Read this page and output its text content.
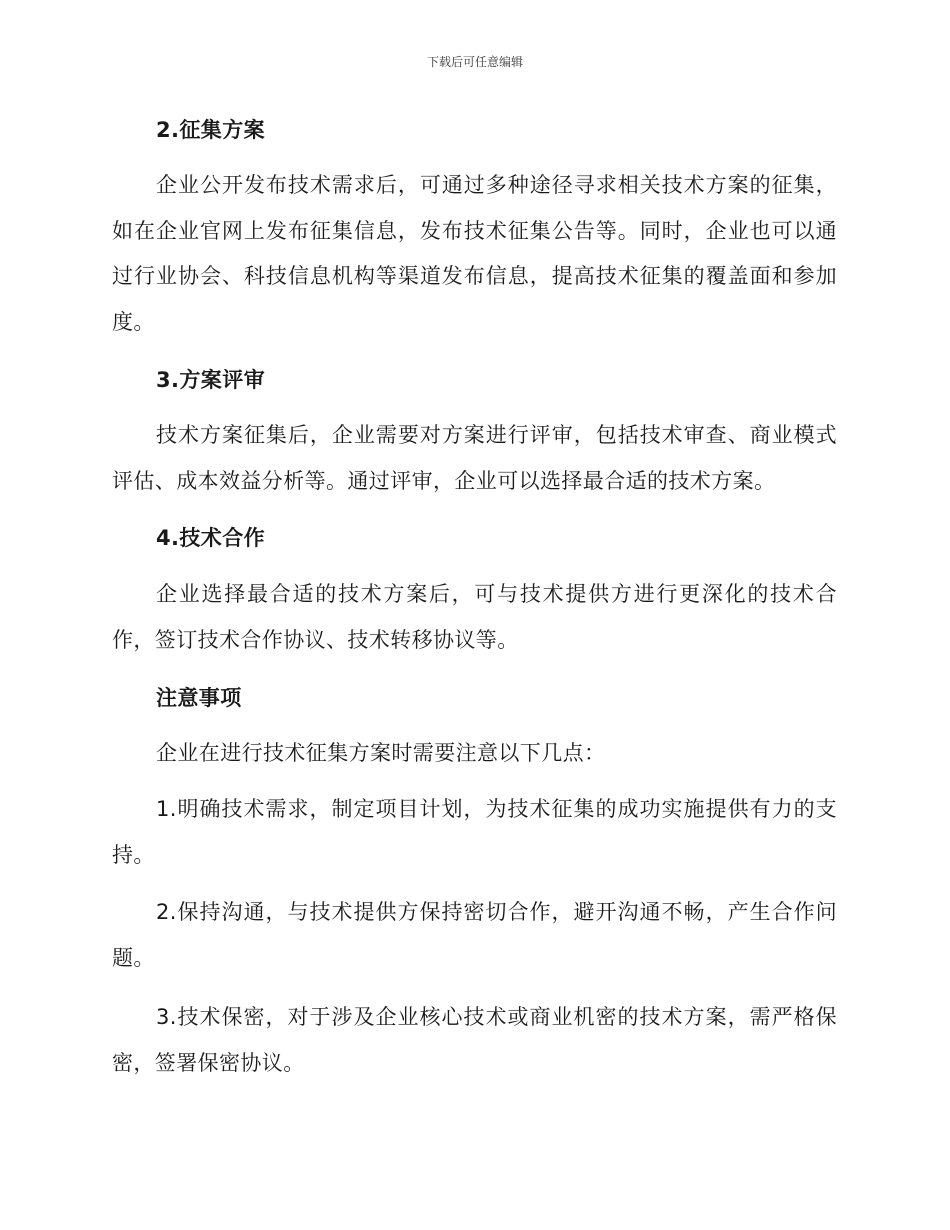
下载后可任意编辑
2.征集方案
企业公开发布技术需求后，可通过多种途径寻求相关技术方案的征集，如在企业官网上发布征集信息，发布技术征集公告等。同时，企业也可以通过行业协会、科技信息机构等渠道发布信息，提高技术征集的覆盖面和参加度。
3.方案评审
技术方案征集后，企业需要对方案进行评审，包括技术审查、商业模式评估、成本效益分析等。通过评审，企业可以选择最合适的技术方案。
4.技术合作
企业选择最合适的技术方案后，可与技术提供方进行更深化的技术合作，签订技术合作协议、技术转移协议等。
注意事项
企业在进行技术征集方案时需要注意以下几点：
1.明确技术需求，制定项目计划，为技术征集的成功实施提供有力的支持。
2.保持沟通，与技术提供方保持密切合作，避开沟通不畅，产生合作问题。
3.技术保密，对于涉及企业核心技术或商业机密的技术方案，需严格保密，签署保密协议。
